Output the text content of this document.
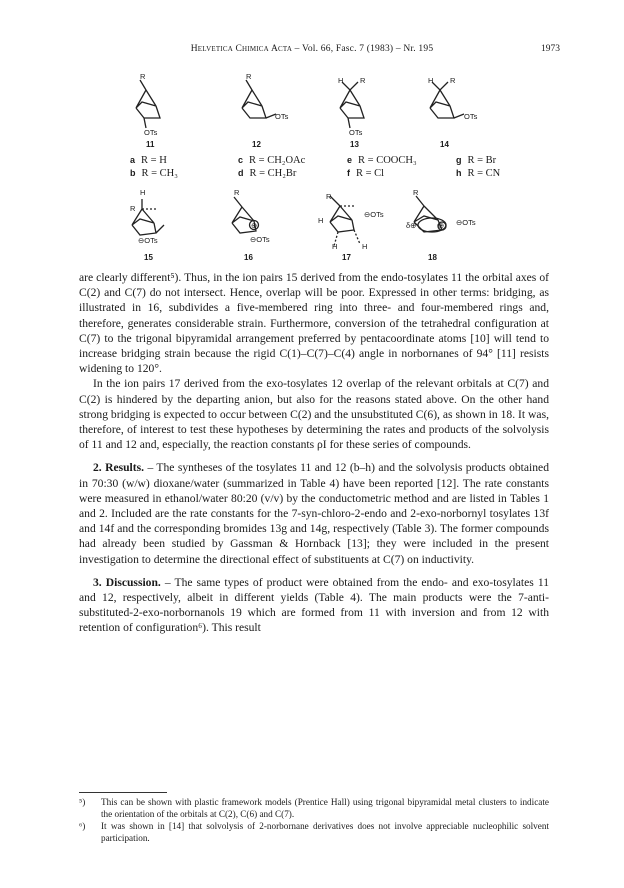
Helvetica Chimica Acta – Vol. 66, Fasc. 7 (1983) – Nr. 195	1973
R
OTs
R
OTs
H R
OTs
H R
OTs
11	12	13	14
a R = H
b R = CH₃
c R = CH₂OAc
d R = CH₂Br
e R = COOCH₃
f R = Cl
g R = Br
h R = CN
H
R
⊖OTs
R
⊕
⊖OTs
R
H
⊖OTs
H	H
R
δ⊕	⊕ ⊖OTs
15	16	17	18

are clearly different⁵). Thus, in the ion pairs 15 derived from the endo-tosylates 11 the orbital axes of C(2) and C(7) do not intersect. Hence, overlap will be poor. Expressed in other terms: bridging, as illustrated in 16, subdivides a five-membered ring into three- and four-membered rings and, therefore, generates considerable strain. Furthermore, conversion of the tetrahedral configuration at C(7) to the trigonal bipyramidal arrangement preferred by pentacoordinate atoms [10] will tend to increase bridging strain because the rigid C(1)–C(7)–C(4) angle in norbornanes of 94° [11] resists widening to 120°.

In the ion pairs 17 derived from the exo-tosylates 12 overlap of the relevant orbitals at C(7) and C(2) is hindered by the departing anion, but also for the reasons stated above. On the other hand strong bridging is expected to occur between C(2) and the unsubstituted C(6), as shown in 18. It was, therefore, of interest to test these hypotheses by determining the rates and products of the solvolysis of 11 and 12 and, especially, the reaction constants ρI for these series of compounds.

2. Results. – The syntheses of the tosylates 11 and 12 (b–h) and the solvolysis products obtained in 70:30 (w/w) dioxane/water (summarized in Table 4) have been reported [12]. The rate constants were measured in ethanol/water 80:20 (v/v) by the conductometric method and are listed in Tables 1 and 2. Included are the rate constants for the 7-syn-chloro-2-endo and 2-exo-norbornyl tosylates 13f and 14f and the corresponding bromides 13g and 14g, respectively (Table 3). The former compounds had already been studied by Gassman & Hornback [13]; they were included in the present investigation to determine the directional effect of substituents at C(7) on inductivity.

3. Discussion. – The same types of product were obtained from the endo- and exo-tosylates 11 and 12, respectively, albeit in different yields (Table 4). The main products were the 7-anti-substituted-2-exo-norbornanols 19 which are formed from 11 with inversion and from 12 with retention of configuration⁶). This result

⁵) This can be shown with plastic framework models (Prentice Hall) using trigonal bipyramidal metal clusters to indicate the orientation of the orbitals at C(2), C(6) and C(7).
⁶) It was shown in [14] that solvolysis of 2-norbornane derivatives does not involve appreciable nucleophilic solvent participation.
